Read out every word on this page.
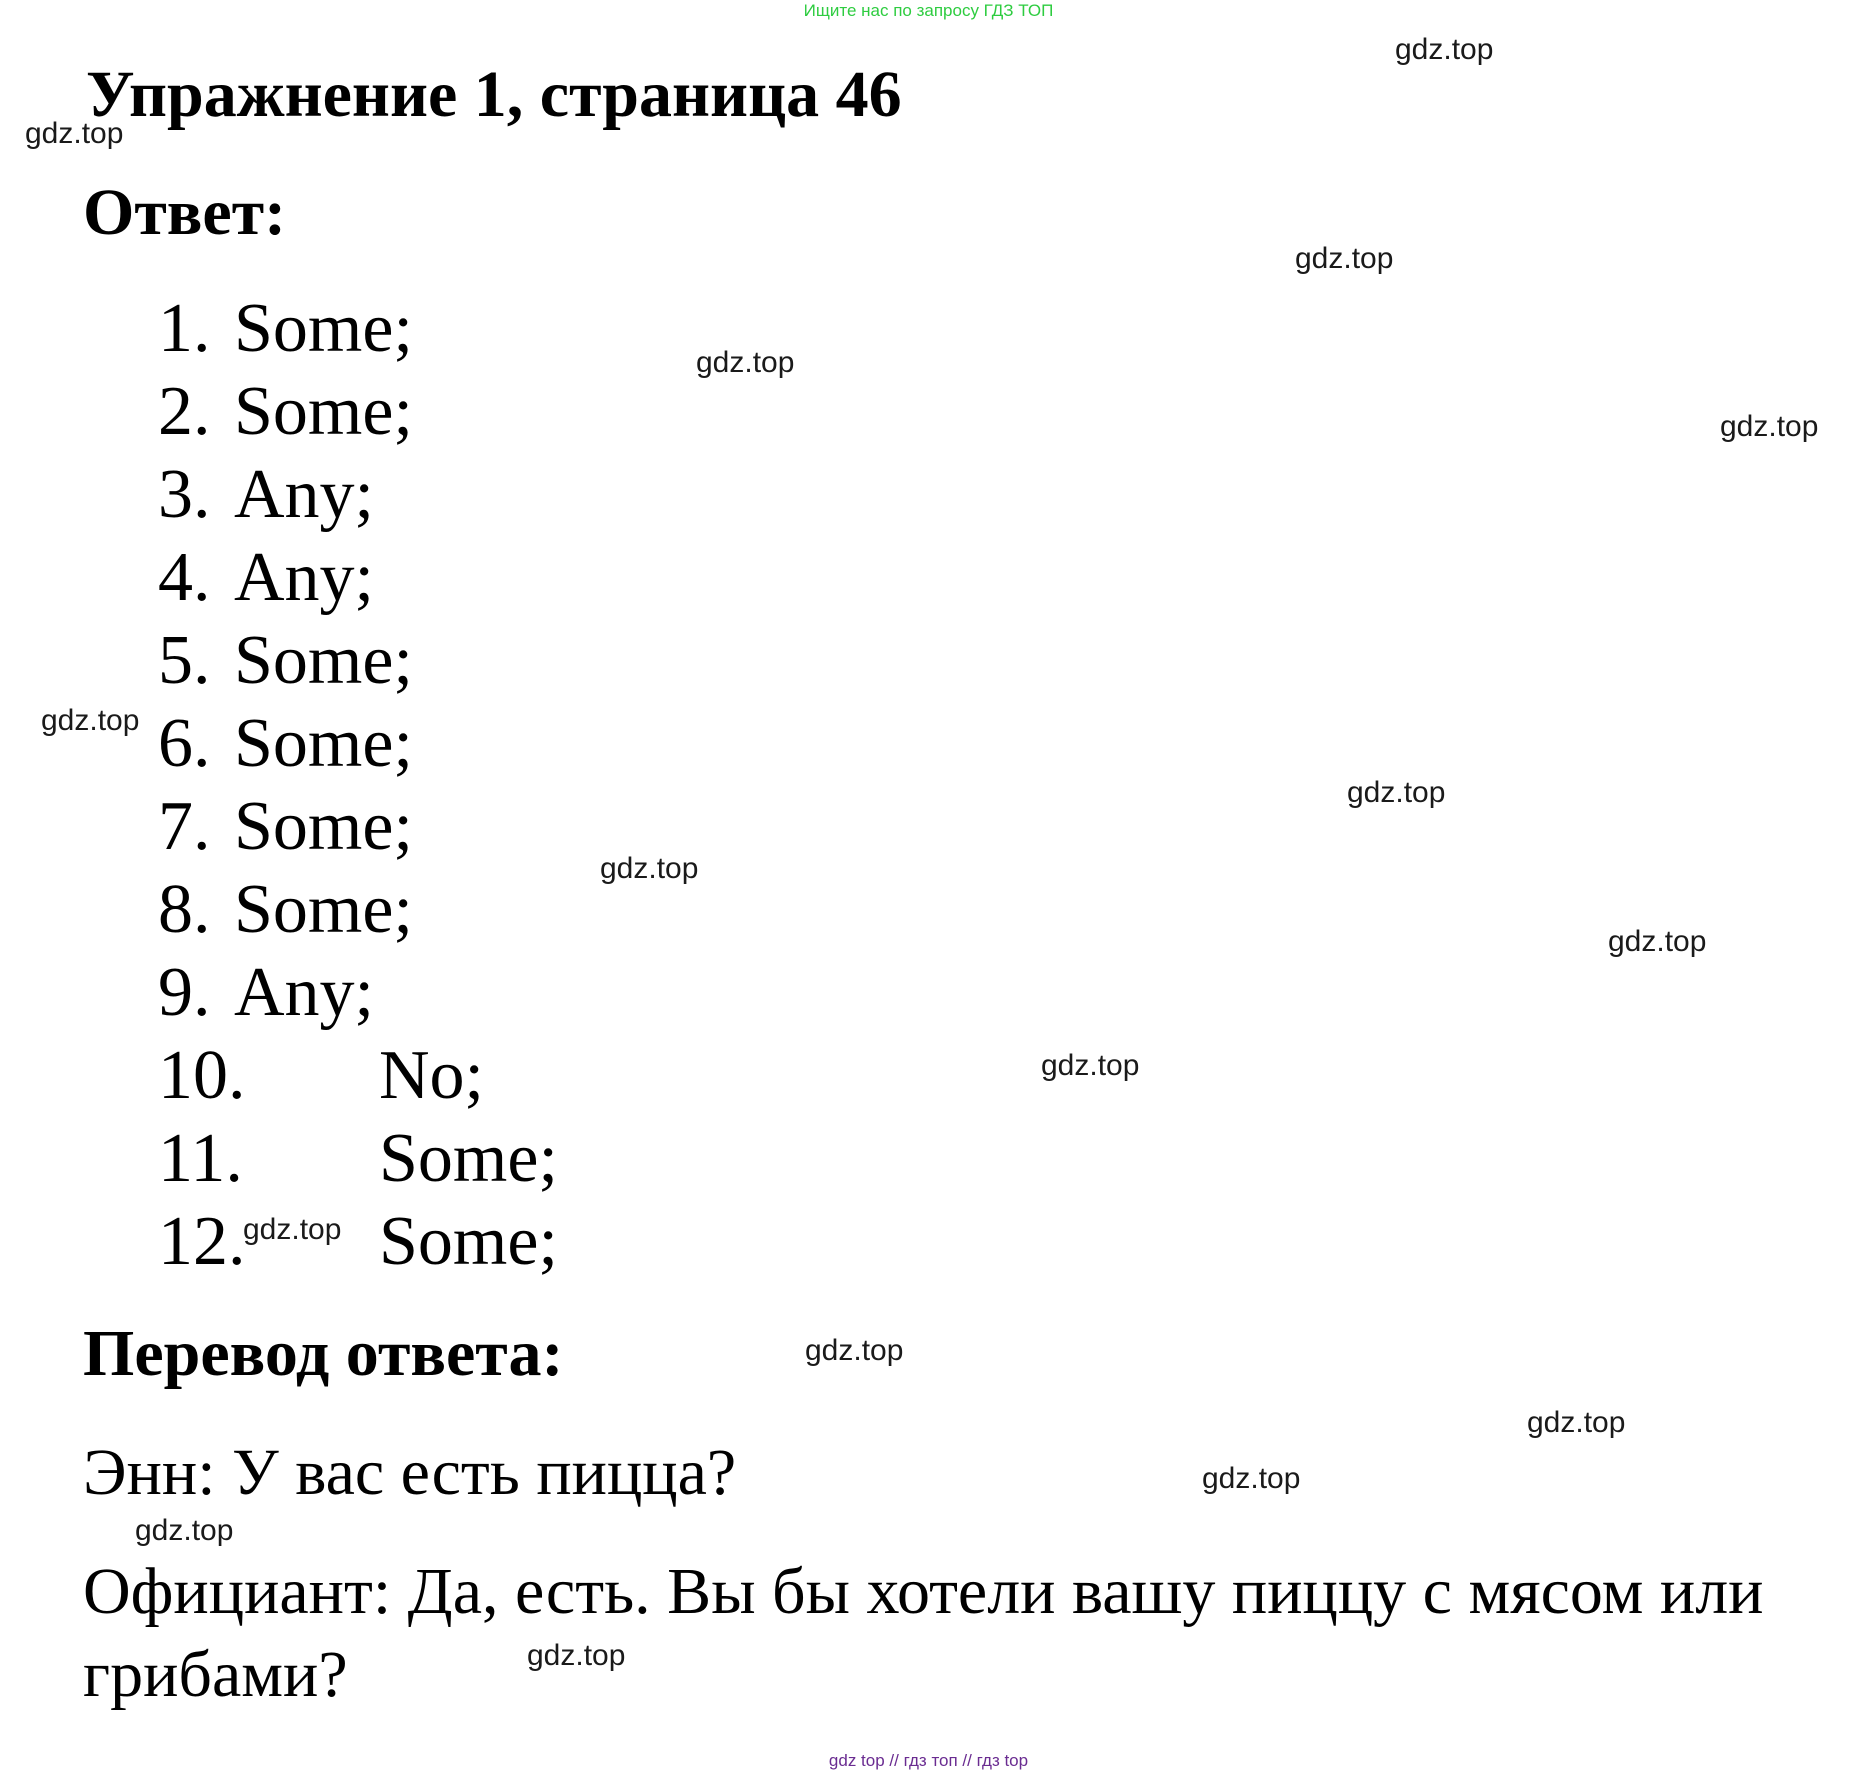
Ищите нас по запросу ГДЗ ТОП
Упражнение 1, страница 46
Ответ:
1. Some;
2. Some;
3. Any;
4. Any;
5. Some;
6. Some;
7. Some;
8. Some;
9. Any;
10. No;
11. Some;
12. Some;
Перевод ответа:

Энн: У вас есть пицца?

Официант: Да, есть. Вы бы хотели вашу пиццу с мясом или

грибами?

gdz.top
gdz.top
gdz.top
gdz.top
gdz.top
gdz.top
gdz.top
gdz.top
gdz.top
gdz.top
gdz.top
gdz.top
gdz.top
gdz.top
gdz.top
gdz.top
gdz top // гдз топ // гдз top
